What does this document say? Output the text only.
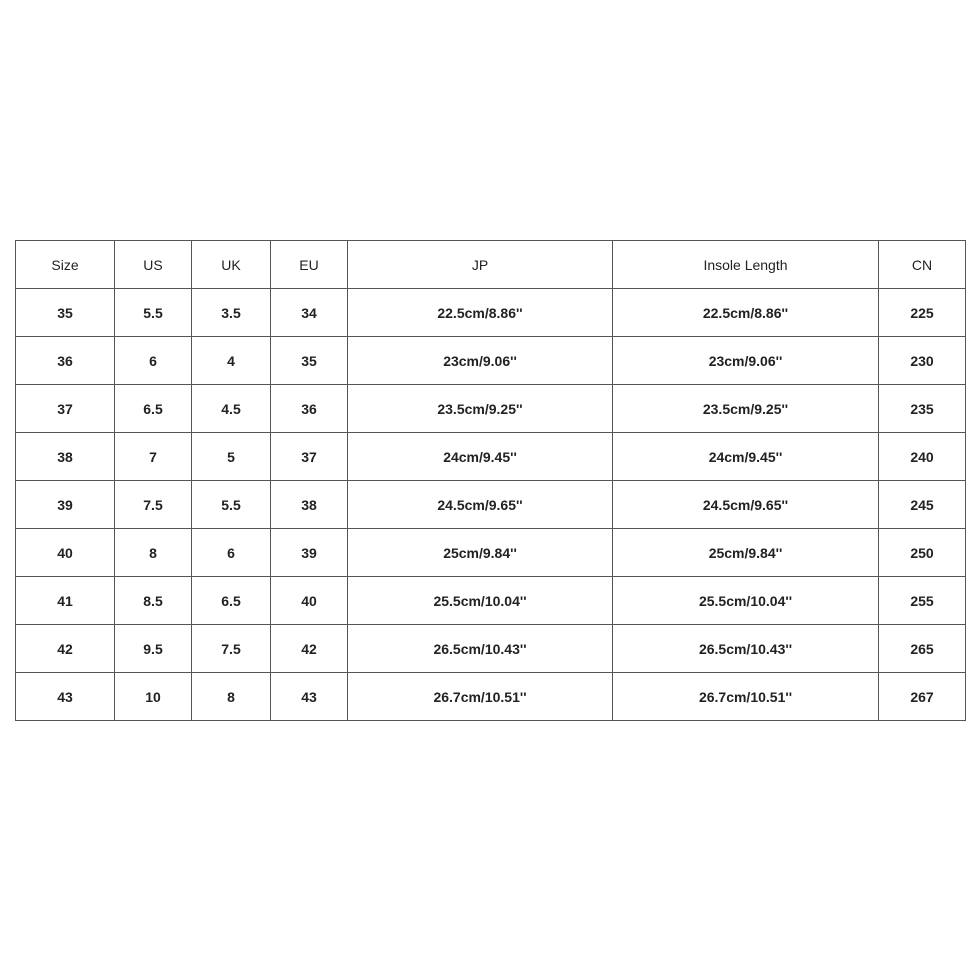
Size	US	UK	EU	JP	Insole Length	CN
35	5.5	3.5	34	22.5cm/8.86''	22.5cm/8.86''	225
36	6	4	35	23cm/9.06''	23cm/9.06''	230
37	6.5	4.5	36	23.5cm/9.25''	23.5cm/9.25''	235
38	7	5	37	24cm/9.45''	24cm/9.45''	240
39	7.5	5.5	38	24.5cm/9.65''	24.5cm/9.65''	245
40	8	6	39	25cm/9.84''	25cm/9.84''	250
41	8.5	6.5	40	25.5cm/10.04''	25.5cm/10.04''	255
42	9.5	7.5	42	26.5cm/10.43''	26.5cm/10.43''	265
43	10	8	43	26.7cm/10.51''	26.7cm/10.51''	267
